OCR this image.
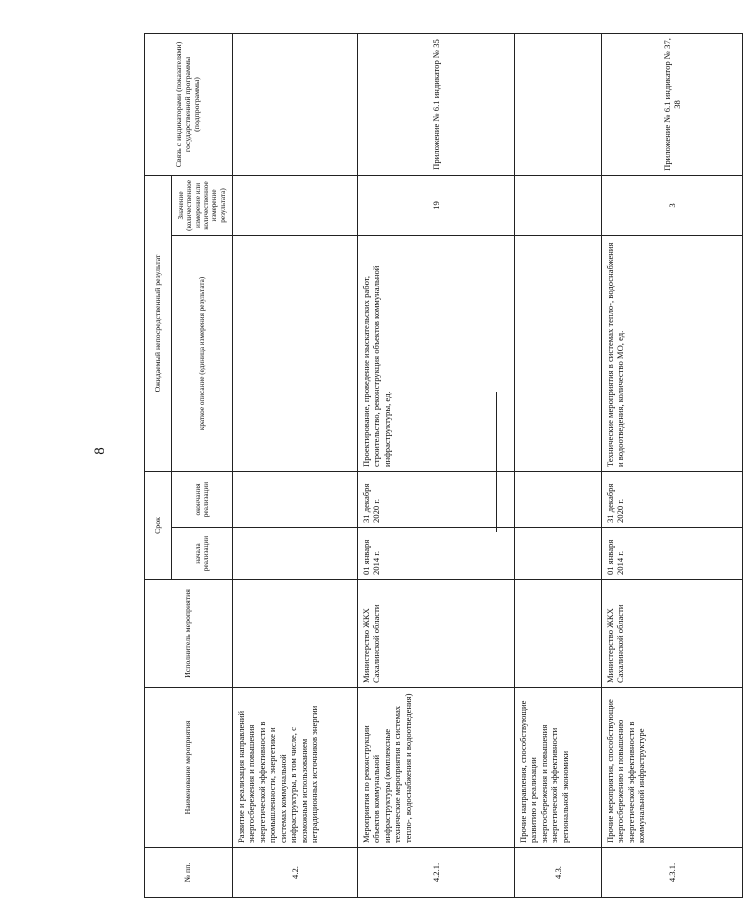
8
№ пп.	Наименование мероприятия	Исполнитель мероприятия	Срок		Ожидаемый непосредственный результат		Связь с индикаторами (показателями) государственной программы (подпрограммы)
			начала реализации	окончания реализации	краткое описание (единица измерения результата)	Значение (количественное измерение или количественное измерение результата)	
4.2.	Развитие и реализация направлений энергосбережения и повышения энергетической эффективности в промышленности, энергетике и системах коммунальной инфраструктуры, в том числе, с возможным использованием нетрадиционных источников энергии						
4.2.1.	Мероприятия по реконструкции объектов коммунальной инфраструктуры (комплексные технические мероприятия в системах тепло-, водоснабжения и водоотведения)	Министерство ЖКХ Сахалинской области	01 января 2014 г.	31 декабря 2020 г.	Проектирование, проведение изыскательских работ, строительство, реконструкция объектов коммунальной инфраструктуры, ед.	19	Приложение № 6.1 индикатор № 35
4.3.	Прочие направления, способствующие развитию и реализации энергосбережения и повышения энергетической эффективности региональной экономики						
4.3.1.	Прочие мероприятия, способствующие энергосбережению и повышению энергетической эффективности в коммунальной инфраструктуре	Министерство ЖКХ Сахалинской области	01 января 2014 г.	31 декабря 2020 г.	Технические мероприятия в системах тепло-, водоснабжения и водоотведения, количество МО, ед.	3	Приложение № 6.1 индикатор № 37, 38
